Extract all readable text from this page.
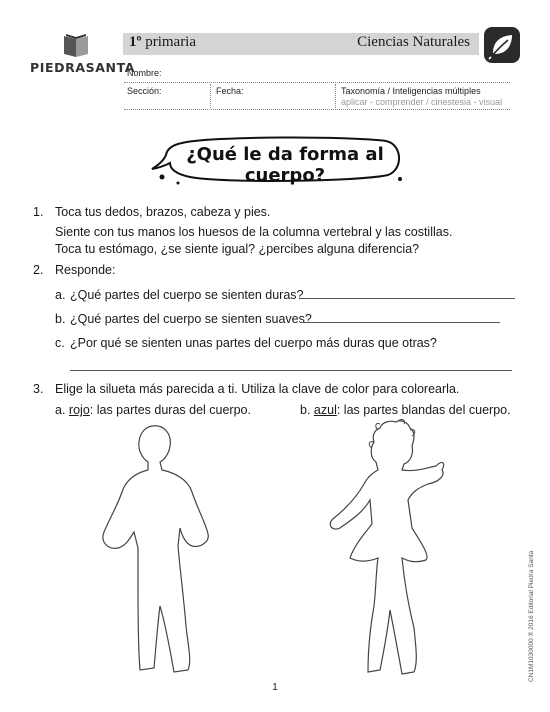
PIEDRASANTA
1º primaria	Ciencias Naturales
Nombre:
Sección:	Fecha:	Taxonomía / Inteligencias múltiples
aplicar - comprender / cinestesia - visual
¿Qué le da forma al cuerpo?
1. Toca tus dedos, brazos, cabeza y pies.
Siente con tus manos los huesos de la columna vertebral y las costillas.
Toca tu estómago, ¿se siente igual? ¿percibes alguna diferencia?
2. Responde:
a. ¿Qué partes del cuerpo se sienten duras?
b. ¿Qué partes del cuerpo se sienten suaves?
c. ¿Por qué se sienten unas partes del cuerpo más duras que otras?
3. Elige la silueta más parecida a ti. Utiliza la clave de color para colorearla.
a. rojo: las partes duras del cuerpo.	b. azul: las partes blandas del cuerpo.
1
CN1M1030000 ® 2016 Editorial Piedra Santa
